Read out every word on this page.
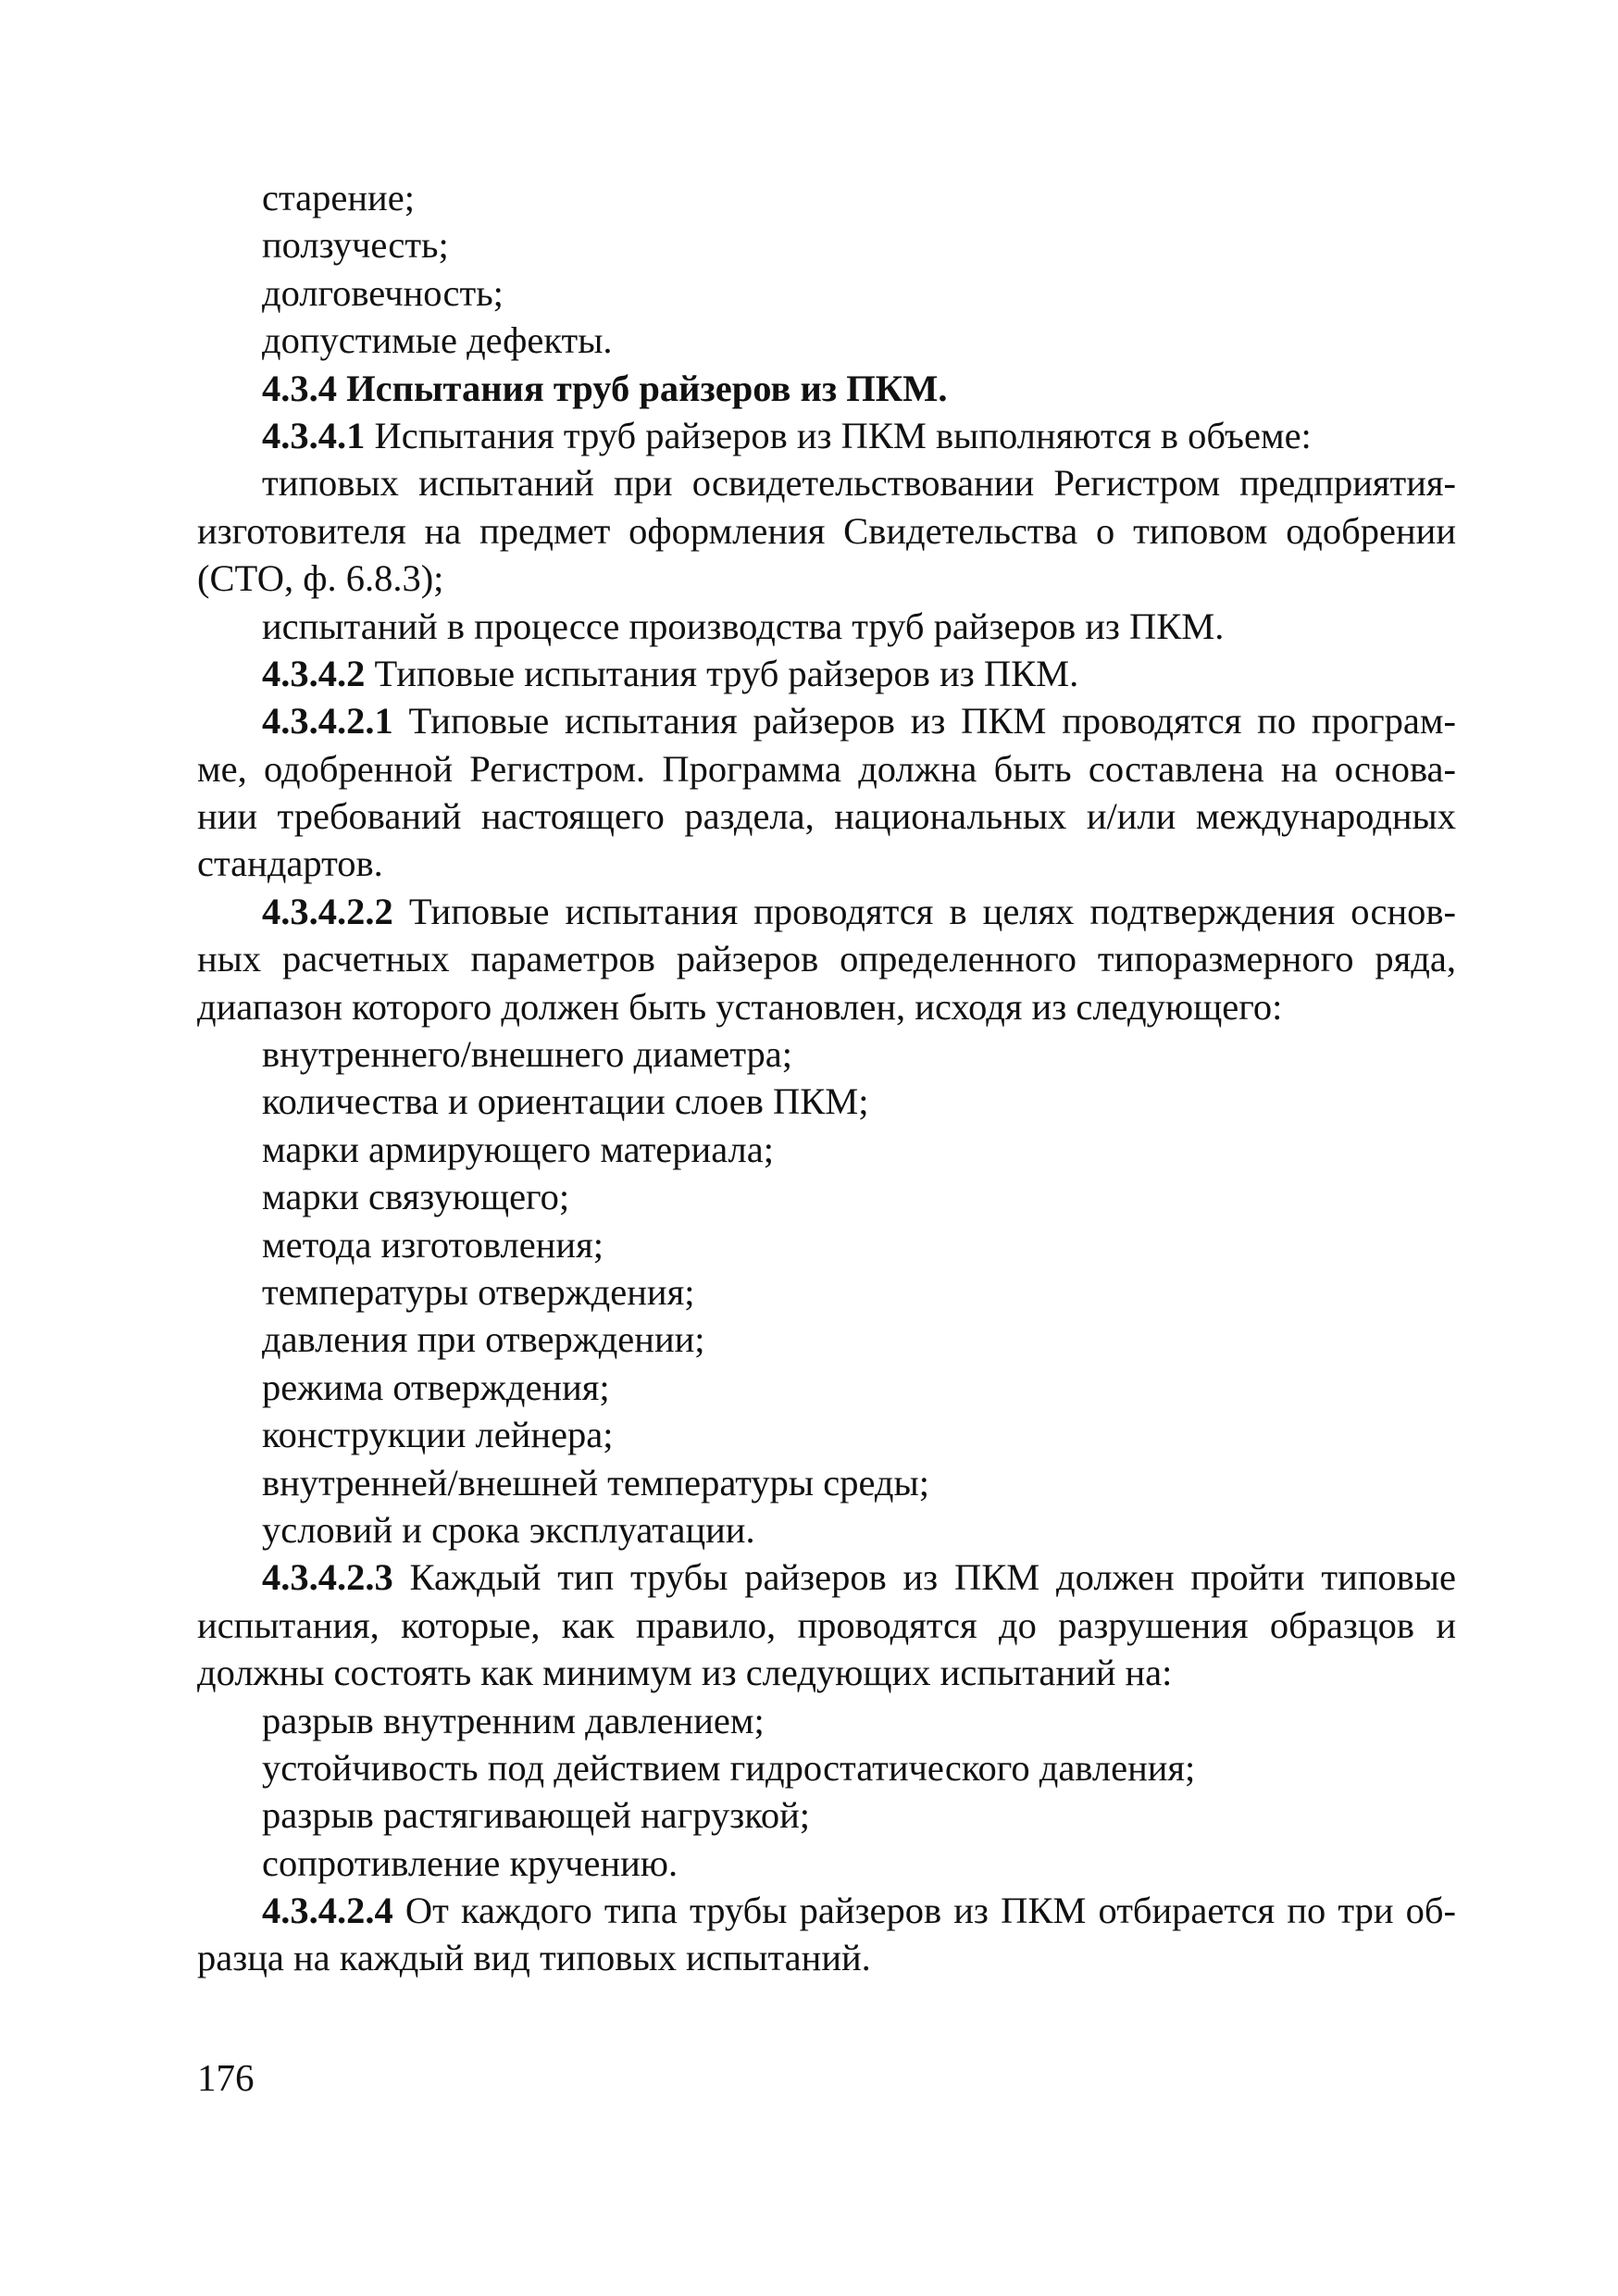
старение;
ползучесть;
долговечность;
допустимые дефекты.
4.3.4 Испытания труб райзеров из ПКМ.
4.3.4.1 Испытания труб райзеров из ПКМ выполняются в объеме:
типовых испытаний при освидетельствовании Регистром предприятия-
изготовителя на предмет оформления Свидетельства о типовом одобрении
(СТО, ф. 6.8.3);
испытаний в процессе производства труб райзеров из ПКМ.
4.3.4.2 Типовые испытания труб райзеров из ПКМ.
4.3.4.2.1 Типовые испытания райзеров из ПКМ проводятся по програм-
ме, одобренной Регистром. Программа должна быть составлена на основа-
нии требований настоящего раздела, национальных и/или международных
стандартов.
4.3.4.2.2 Типовые испытания проводятся в целях подтверждения основ-
ных расчетных параметров райзеров определенного типоразмерного ряда,
диапазон которого должен быть установлен, исходя из следующего:
внутреннего/внешнего диаметра;
количества и ориентации слоев ПКМ;
марки армирующего материала;
марки связующего;
метода изготовления;
температуры отверждения;
давления при отверждении;
режима отверждения;
конструкции лейнера;
внутренней/внешней температуры среды;
условий и срока эксплуатации.
4.3.4.2.3 Каждый тип трубы райзеров из ПКМ должен пройти типовые
испытания, которые, как правило, проводятся до разрушения образцов и
должны состоять как минимум из следующих испытаний на:
разрыв внутренним давлением;
устойчивость под действием гидростатического давления;
разрыв растягивающей нагрузкой;
сопротивление кручению.
4.3.4.2.4 От каждого типа трубы райзеров из ПКМ отбирается по три об-
разца на каждый вид типовых испытаний.
176
